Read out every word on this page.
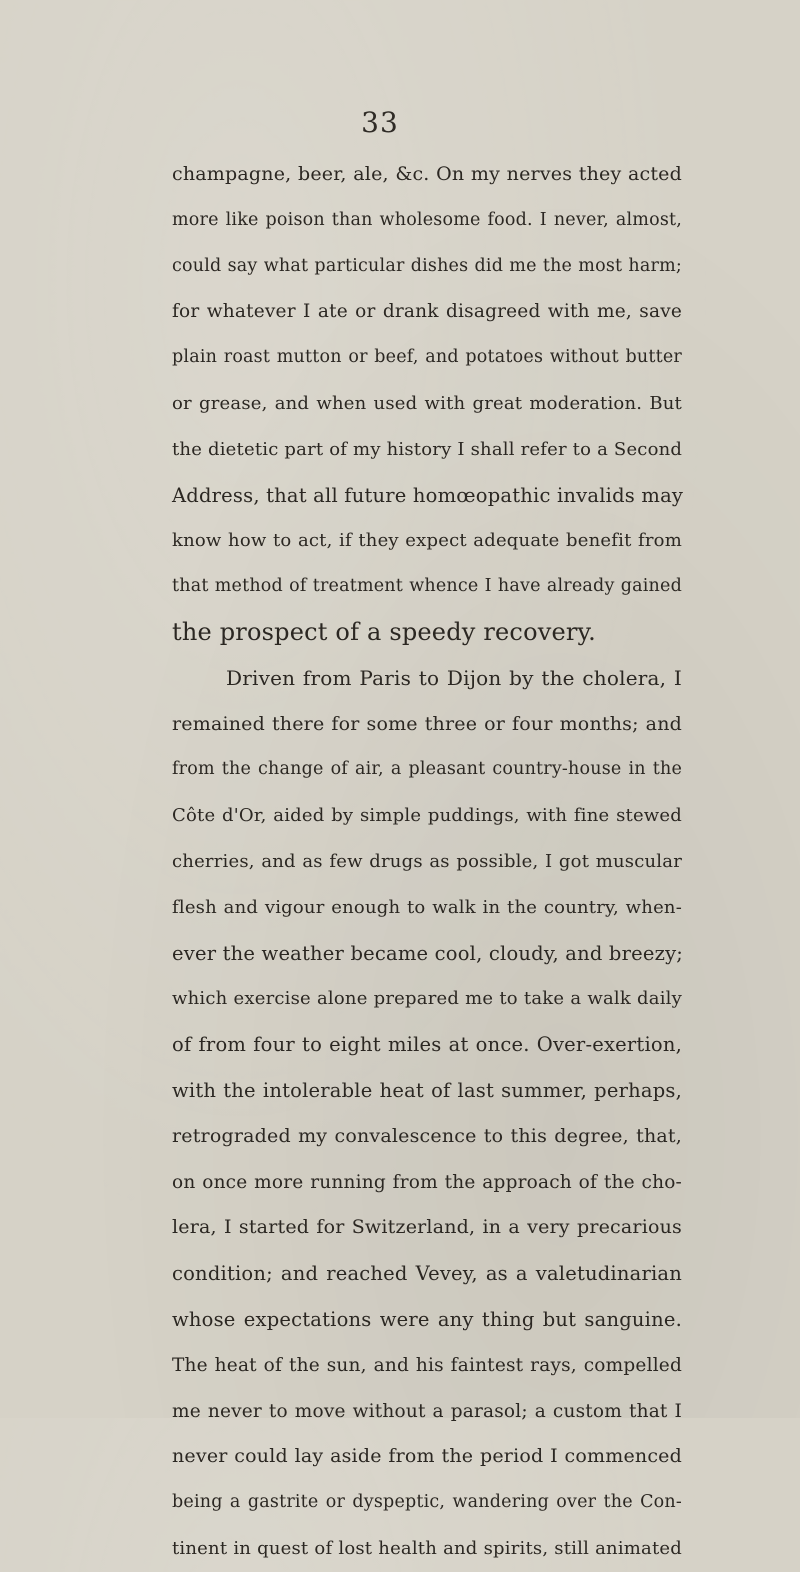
33
champagne, beer, ale, &c. On my nerves they acted
more like poison than wholesome food. I never, almost,
could say what particular dishes did me the most harm;
for whatever I ate or drank disagreed with me, save
plain roast mutton or beef, and potatoes without butter
or grease, and when used with great moderation. But
the dietetic part of my history I shall refer to a Second
Address, that all future homœopathic invalids may
know how to act, if they expect adequate benefit from
that method of treatment whence I have already gained
the prospect of a speedy recovery.
Driven from Paris to Dijon by the cholera, I
remained there for some three or four months; and
from the change of air, a pleasant country-house in the
Côte d'Or, aided by simple puddings, with fine stewed
cherries, and as few drugs as possible, I got muscular
flesh and vigour enough to walk in the country, when-
ever the weather became cool, cloudy, and breezy;
which exercise alone prepared me to take a walk daily
of from four to eight miles at once. Over-exertion,
with the intolerable heat of last summer, perhaps,
retrograded my convalescence to this degree, that,
on once more running from the approach of the cho-
lera, I started for Switzerland, in a very precarious
condition; and reached Vevey, as a valetudinarian
whose expectations were any thing but sanguine.
The heat of the sun, and his faintest rays, compelled
me never to move without a parasol; a custom that I
never could lay aside from the period I commenced
being a gastrite or dyspeptic, wandering over the Con-
tinent in quest of lost health and spirits, still animated
